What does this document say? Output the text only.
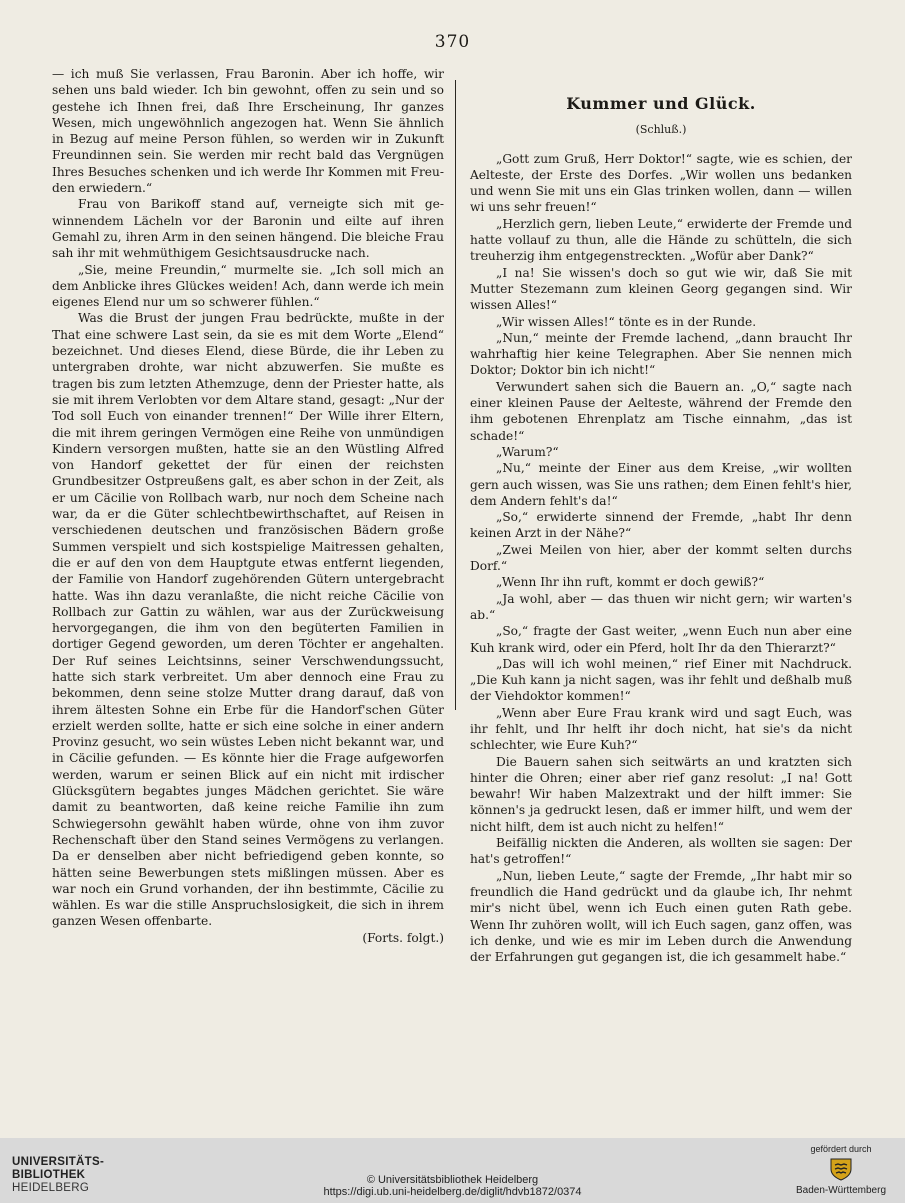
370

— ich muß Sie verlassen, Frau Baronin. Aber ich hoffe, wir sehen uns bald wieder. Ich bin gewohnt, offen zu sein und so gestehe ich Ihnen frei, daß Ihre Erscheinung, Ihr ganzes Wesen, mich ungewöhnlich angezogen hat. Wenn Sie ähnlich in Bezug auf meine Person fühlen, so werden wir in Zukunft Freundinnen sein. Sie werden mir recht bald das Vergnügen Ihres Besuches schenken und ich werde Ihr Kommen mit Freuden erwiedern.“

Frau von Barikoff stand auf, verneigte sich mit gewinnendem Lächeln vor der Baronin und eilte auf ihren Gemahl zu, ihren Arm in den seinen hängend. Die bleiche Frau sah ihr mit wehmüthigem Gesichtsausdrucke nach.

„Sie, meine Freundin,“ murmelte sie. „Ich soll mich an dem Anblicke ihres Glückes weiden! Ach, dann werde ich mein eigenes Elend nur um so schwerer fühlen.“

Was die Brust der jungen Frau bedrückte, mußte in der That eine schwere Last sein, da sie es mit dem Worte „Elend“ bezeichnet. Und dieses Elend, diese Bürde, die ihr Leben zu untergraben drohte, war nicht abzuwerfen. Sie mußte es tragen bis zum letzten Athemzuge, denn der Priester hatte, als sie mit ihrem Verlobten vor dem Altare stand, gesagt: „Nur der Tod soll Euch von einander trennen!“ Der Wille ihrer Eltern, die mit ihrem geringen Vermögen eine Reihe von unmündigen Kindern versorgen mußten, hatte sie an den Wüstling Alfred von Handorf gekettet der für einen der reichsten Grundbesitzer Ostpreußens galt, es aber schon in der Zeit, als er um Cäcilie von Rollbach warb, nur noch dem Scheine nach war, da er die Güter schlechtbewirthschaftet, auf Reisen in verschiedenen deutschen und französischen Bädern große Summen verspielt und sich kostspielige Maitressen gehalten, die er auf den von dem Hauptgute etwas entfernt liegenden, der Familie von Handorf zugehörenden Gütern untergebracht hatte. Was ihn dazu veranlaßte, die nicht reiche Cäcilie von Rollbach zur Gattin zu wählen, war aus der Zurückweisung hervorgegangen, die ihm von den begüterten Familien in dortiger Gegend geworden, um deren Töchter er angehalten. Der Ruf seines Leichtsinns, seiner Verschwendungssucht, hatte sich stark verbreitet. Um aber dennoch eine Frau zu bekommen, denn seine stolze Mutter drang darauf, daß von ihrem ältesten Sohne ein Erbe für die Handorf'schen Güter erzielt werden sollte, hatte er sich eine solche in einer andern Provinz gesucht, wo sein wüstes Leben nicht bekannt war, und in Cäcilie gefunden. — Es könnte hier die Frage aufgeworfen werden, warum er seinen Blick auf ein nicht mit irdischer Glücksgütern begabtes junges Mädchen gerichtet. Sie wäre damit zu beantworten, daß keine reiche Familie ihn zum Schwiegersohn gewählt haben würde, ohne von ihm zuvor Rechenschaft über den Stand seines Vermögens zu verlangen. Da er denselben aber nicht befriedigend geben konnte, so hätten seine Bewerbungen stets mißlingen müssen. Aber es war noch ein Grund vorhanden, der ihn bestimmte, Cäcilie zu wählen. Es war die stille Anspruchslosigkeit, die sich in ihrem ganzen Wesen offenbarte.

(Forts. folgt.)

Kummer und Glück.
(Schluß.)

„Gott zum Gruß, Herr Doktor!“ sagte, wie es schien, der Aelteste, der Erste des Dorfes. „Wir wollen uns bedanken und wenn Sie mit uns ein Glas trinken wollen, dann — willen wi uns sehr freuen!“

„Herzlich gern, lieben Leute,“ erwiderte der Fremde und hatte vollauf zu thun, alle die Hände zu schütteln, die sich treuherzig ihm entgegenstreckten. „Wofür aber Dank?“

„I na! Sie wissen's doch so gut wie wir, daß Sie mit Mutter Stezemann zum kleinen Georg gegangen sind. Wir wissen Alles!“

„Wir wissen Alles!“ tönte es in der Runde.

„Nun,“ meinte der Fremde lachend, „dann braucht Ihr wahrhaftig hier keine Telegraphen. Aber Sie nennen mich Doktor; Doktor bin ich nicht!“

Verwundert sahen sich die Bauern an. „O,“ sagte nach einer kleinen Pause der Aelteste, während der Fremde den ihm gebotenen Ehrenplatz am Tische einnahm, „das ist schade!“

„Warum?“

„Nu,“ meinte der Einer aus dem Kreise, „wir wollten gern auch wissen, was Sie uns rathen; dem Einen fehlt's hier, dem Andern fehlt's da!“

„So,“ erwiderte sinnend der Fremde, „habt Ihr denn keinen Arzt in der Nähe?“

„Zwei Meilen von hier, aber der kommt selten durchs Dorf.“

„Wenn Ihr ihn ruft, kommt er doch gewiß?“

„Ja wohl, aber — das thuen wir nicht gern; wir warten's ab.“

„So,“ fragte der Gast weiter, „wenn Euch nun aber eine Kuh krank wird, oder ein Pferd, holt Ihr da den Thierarzt?“

„Das will ich wohl meinen,“ rief Einer mit Nachdruck. „Die Kuh kann ja nicht sagen, was ihr fehlt und deßhalb muß der Viehdoktor kommen!“

„Wenn aber Eure Frau krank wird und sagt Euch, was ihr fehlt, und Ihr helft ihr doch nicht, hat sie's da nicht schlechter, wie Eure Kuh?“

Die Bauern sahen sich seitwärts an und kratzten sich hinter die Ohren; einer aber rief ganz resolut: „I na! Gott bewahr! Wir haben Malzextrakt und der hilft immer: Sie können's ja gedruckt lesen, daß er immer hilft, und wem der nicht hilft, dem ist auch nicht zu helfen!“

Beifällig nickten die Anderen, als wollten sie sagen: Der hat's getroffen!“

„Nun, lieben Leute,“ sagte der Fremde, „Ihr habt mir so freundlich die Hand gedrückt und da glaube ich, Ihr nehmt mir's nicht übel, wenn ich Euch einen guten Rath gebe. Wenn Ihr zuhören wollt, will ich Euch sagen, ganz offen, was ich denke, und wie es mir im Leben durch die Anwendung der Erfahrungen gut gegangen ist, die ich gesammelt habe.“

UNIVERSITÄTS-
BIBLIOTHEK
HEIDELBERG
© Universitätsbibliothek Heidelberg
https://digi.ub.uni-heidelberg.de/diglit/hdvb1872/0374
gefördert durch
Baden-Württemberg
